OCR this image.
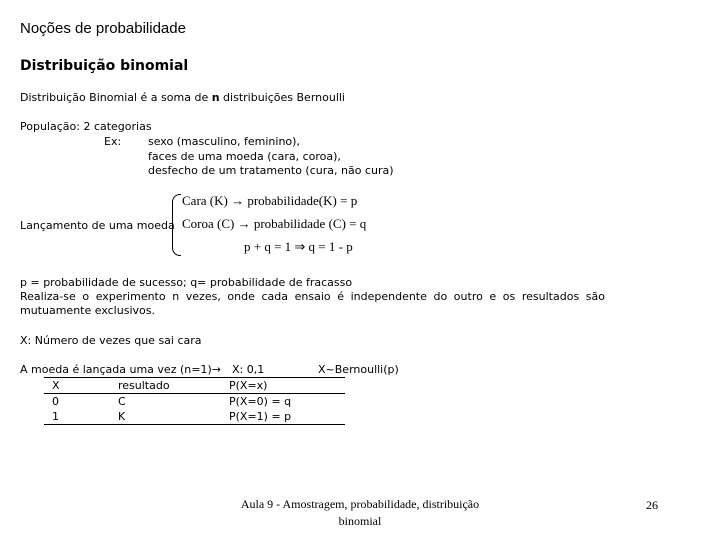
Noções de probabilidade
Distribuição binomial
Distribuição Binomial é a soma de n distribuições Bernoulli
População: 2 categorias
Ex: sexo (masculino, feminino),
faces de uma moeda (cara, coroa),
desfecho de um tratamento (cura, não cura)
Lançamento de uma moeda
Cara (K) → probabilidade(K) = p
Coroa (C) → probabilidade (C) = q
p + q = 1 ⇒ q = 1 - p
p = probabilidade de sucesso; q= probabilidade de fracasso
Realiza-se o experimento n vezes, onde cada ensaio é independente do outro e os resultados são
mutuamente exclusivos.
X: Número de vezes que sai cara
A moeda é lançada uma vez (n=1)→ X: 0,1	X~Bernoulli(p)
X	resultado	P(X=x)
0	C	P(X=0) = q
1	K	P(X=1) = p
Aula 9 - Amostragem, probabilidade, distribuição binomial
26
